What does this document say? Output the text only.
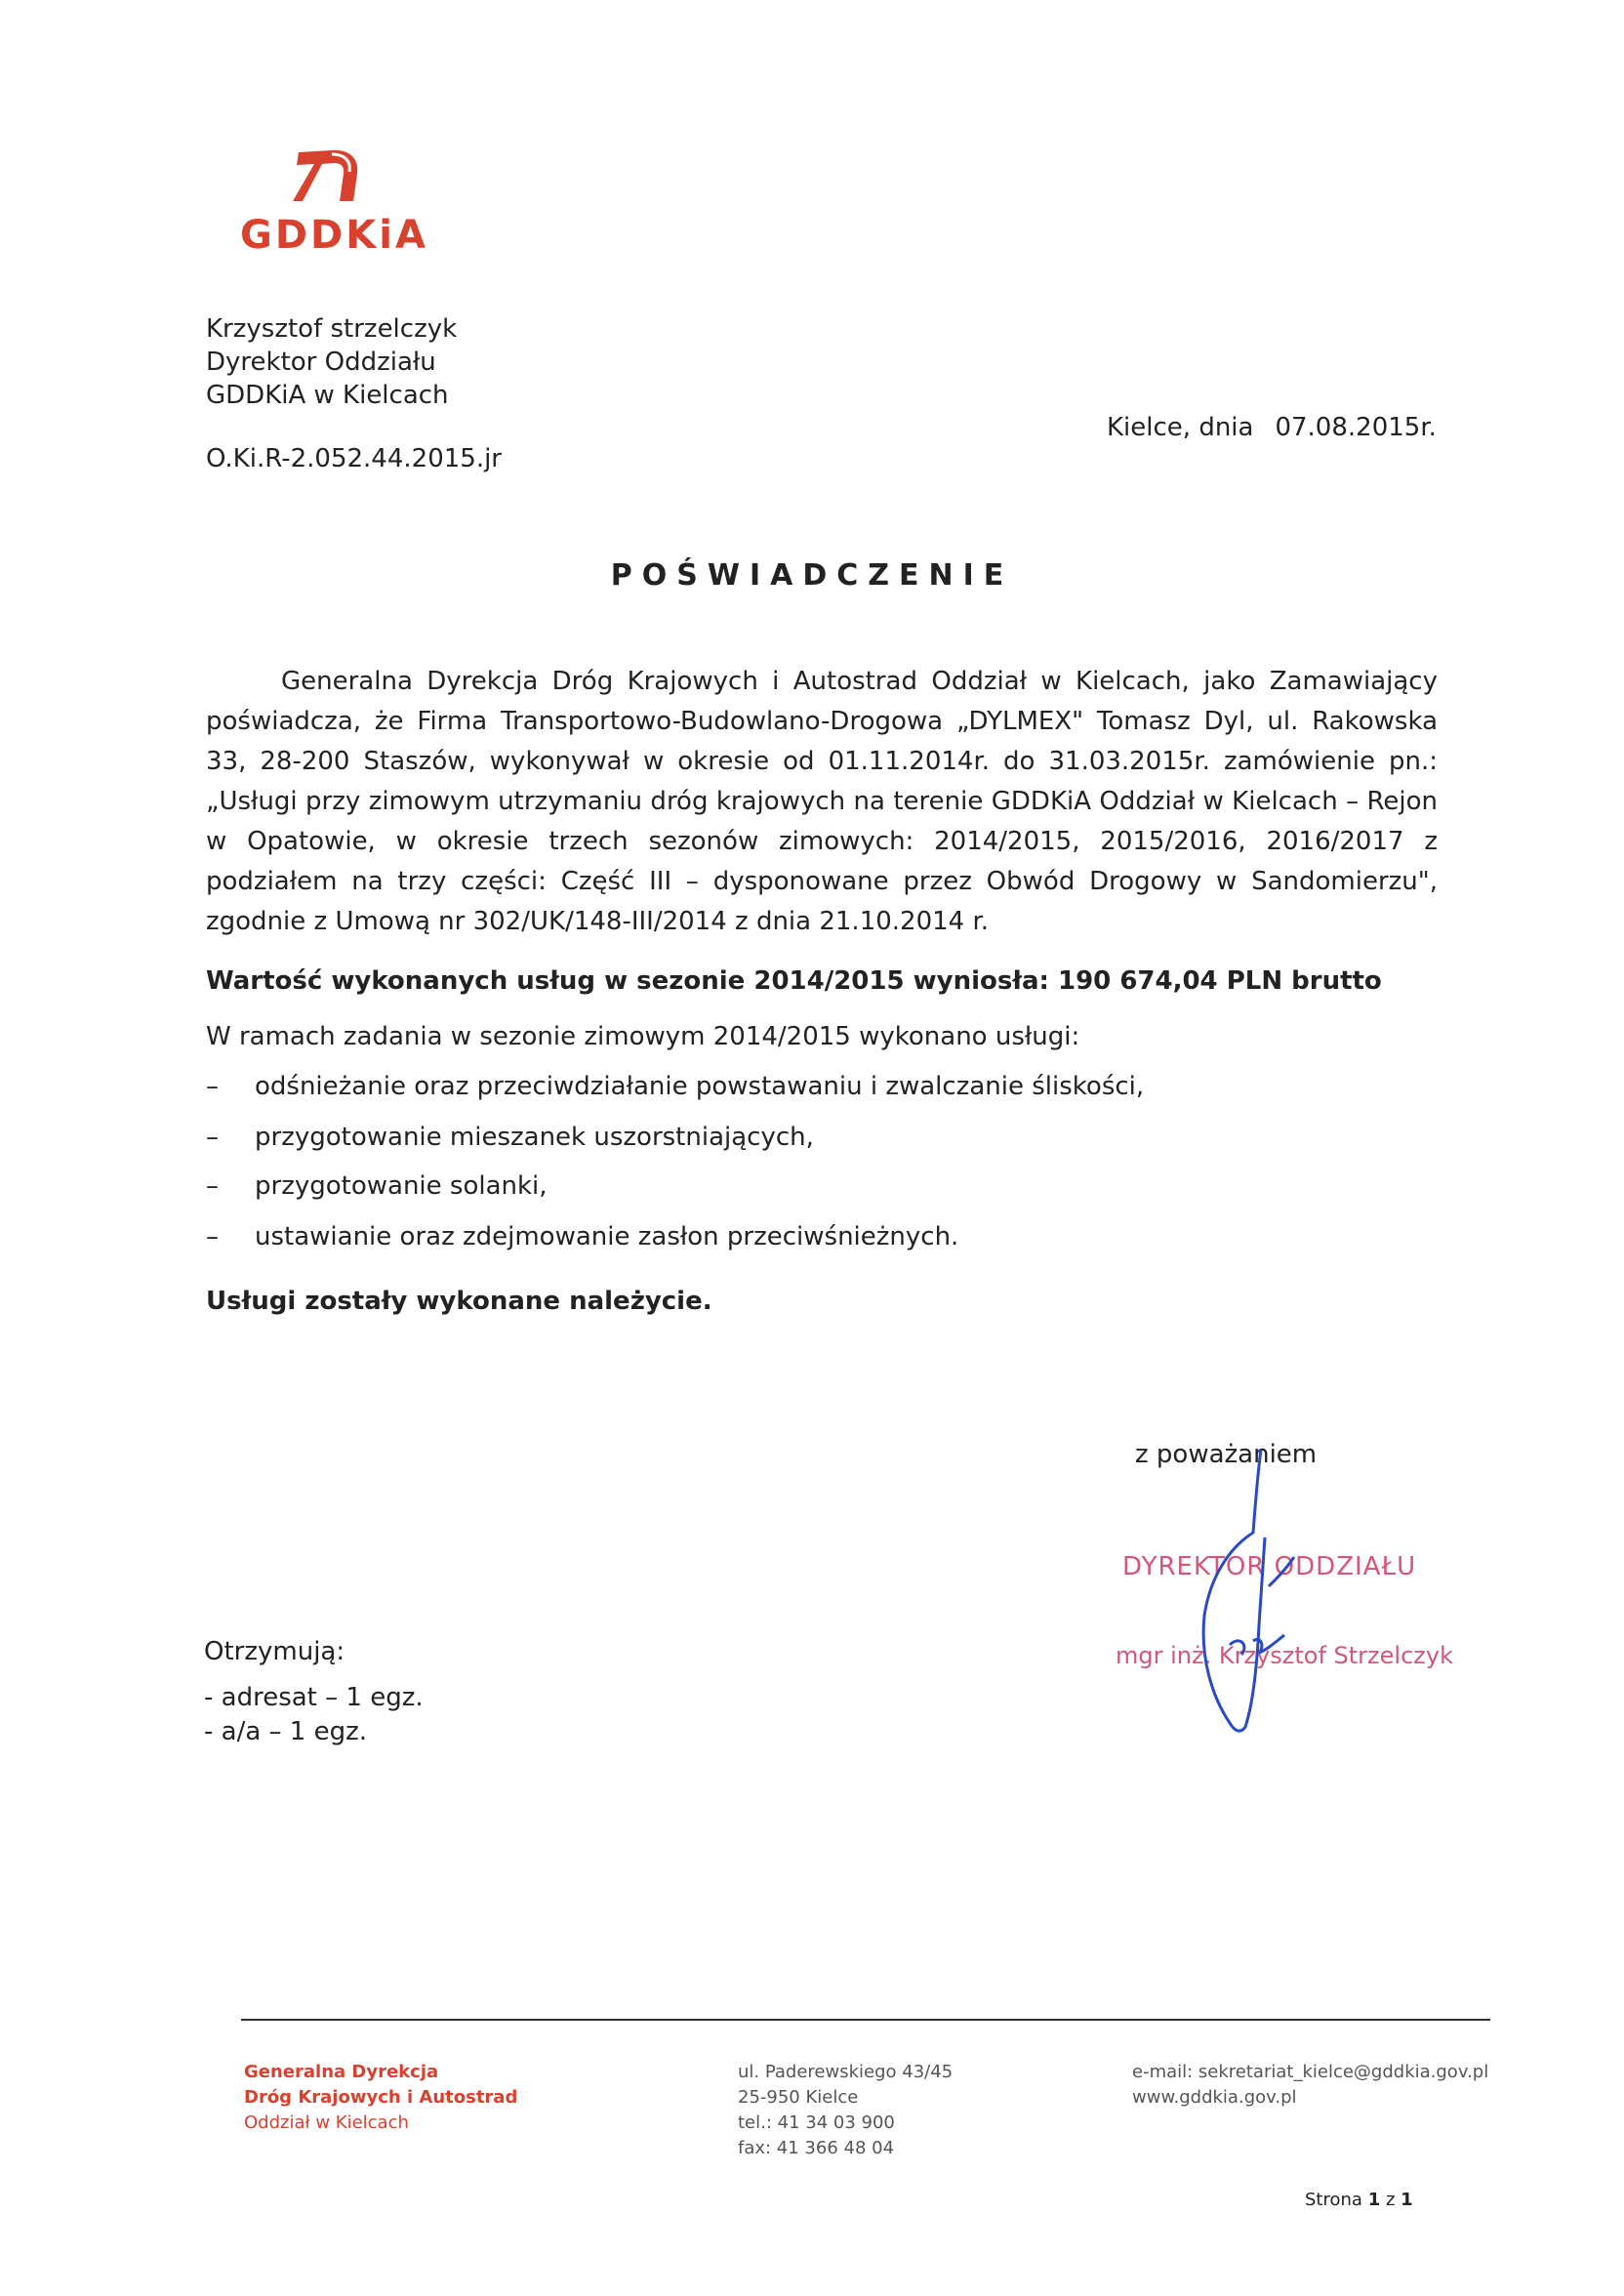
GDDKiA
Krzysztof strzelczyk
Dyrektor Oddziału
GDDKiA w Kielcach
O.Ki.R-2.052.44.2015.jr
Kielce, dnia 07.08.2015r.
POŚWIADCZENIE

Generalna Dyrekcja Dróg Krajowych i Autostrad Oddział w Kielcach, jako Zamawiający poświadcza, że Firma Transportowo-Budowlano-Drogowa „DYLMEX" Tomasz Dyl, ul. Rakowska 33, 28-200 Staszów, wykonywał w okresie od 01.11.2014r. do 31.03.2015r. zamówienie pn.: „Usługi przy zimowym utrzymaniu dróg krajowych na terenie GDDKiA Oddział w Kielcach – Rejon w Opatowie, w okresie trzech sezonów zimowych: 2014/2015, 2015/2016, 2016/2017 z podziałem na trzy części: Część III – dysponowane przez Obwód Drogowy w Sandomierzu", zgodnie z Umową nr 302/UK/148-III/2014 z dnia 21.10.2014 r.

Wartość wykonanych usług w sezonie 2014/2015 wyniosła: 190 674,04 PLN brutto
W ramach zadania w sezonie zimowym 2014/2015 wykonano usługi:
– odśnieżanie oraz przeciwdziałanie powstawaniu i zwalczanie śliskości,
– przygotowanie mieszanek uszorstniających,
– przygotowanie solanki,
– ustawianie oraz zdejmowanie zasłon przeciwśnieżnych.
Usługi zostały wykonane należycie.
z poważaniem
DYREKTOR ODDZIAŁU
mgr inż. Krzysztof Strzelczyk
Otrzymują:
- adresat – 1 egz.
- a/a – 1 egz.
Generalna Dyrekcja
Dróg Krajowych i Autostrad
Oddział w Kielcach
ul. Paderewskiego 43/45
25-950 Kielce
tel.: 41 34 03 900
fax: 41 366 48 04
e-mail: sekretariat_kielce@gddkia.gov.pl
www.gddkia.gov.pl
Strona 1 z 1
